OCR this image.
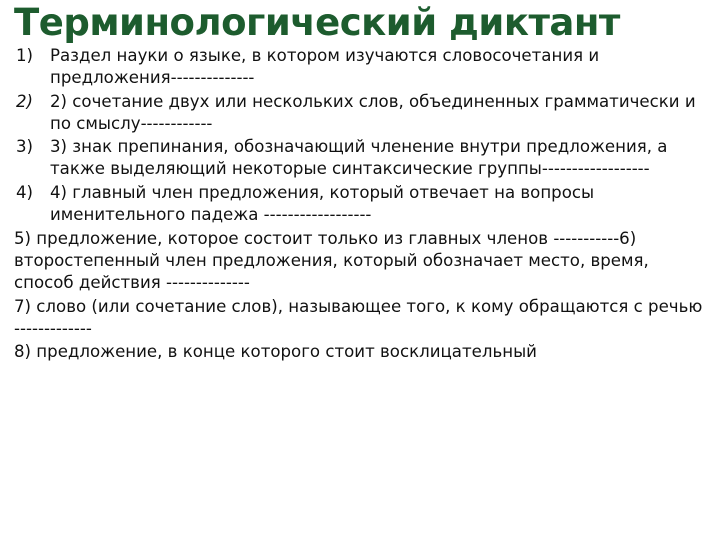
Терминологический диктант
1)	Раздел науки о языке, в котором изучаются словосочетания и предложения--------------
2)	2) сочетание двух или нескольких слов, объединенных грамматически и по смыслу------------
3)	3) знак препинания, обозначающий членение внутри предложения, а также выделяющий некоторые синтаксические группы------------------
4)	4) главный член предложения, который отвечает на вопросы именительного падежа ------------------
5) предложение, которое состоит только из главных членов -----------6) второстепенный член предложения, который обозначает место, время, способ действия --------------
7) слово (или сочетание слов), называющее того, к кому обращаются с речью -------------
8) предложение, в конце которого стоит восклицательный
